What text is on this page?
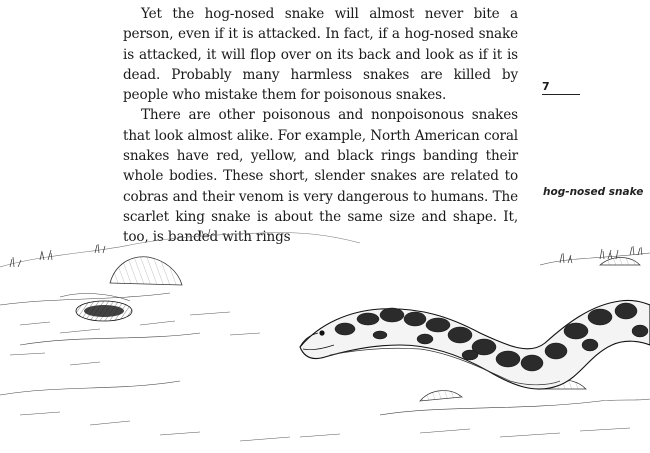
Yet the hog-nosed snake will almost never bite a person, even if it is attacked. In fact, if a hog-nosed snake is attacked, it will flop over on its back and look as if it is dead. Probably many harmless snakes are killed by people who mistake them for poisonous snakes.

There are other poisonous and nonpoisonous snakes that look almost alike. For example, North American coral snakes have red, yellow, and black rings banding their whole bodies. These short, slender snakes are related to cobras and their venom is very dangerous to humans. The scarlet king snake is about the same size and shape. It, too, is banded with rings

7
hog-nosed snake
